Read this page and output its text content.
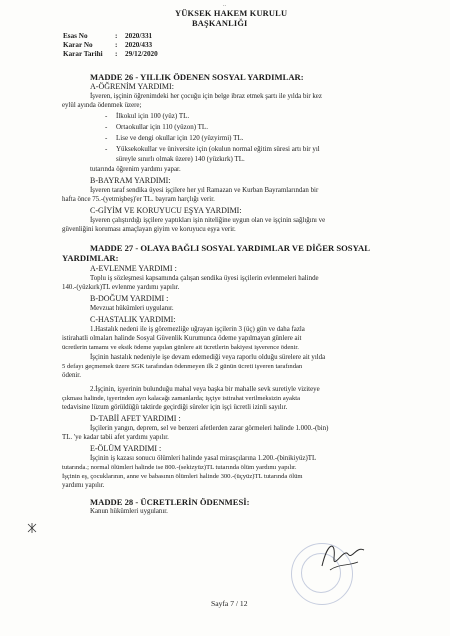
..
YÜKSEK HAKEM KURULU
BAŞKANLIĞI
Esas No	: 2020/331
Karar No	: 2020/433
Karar Tarihi : 29/12/2020
MADDE 26 - YILLIK ÖDENEN SOSYAL YARDIMLAR:
A-ÖĞRENİM YARDIMI:
İşveren, işçinin öğrenimdeki her çocuğu için belge ibraz etmek şartı ile yılda bir kez
eylül ayında ödenmek üzere;
- İlkokul için 100 (yüz) TL.
- Ortaokullar için 110 (yüzon) TL.
- Lise ve dengi okullar için 120 (yüzyirmi) TL.
- Yüksekokullar ve üniversite için (okulun normal eğitim süresi artı bir yıl
süreyle sınırlı olmak üzere) 140 (yüzkırk) TL.
tutarında öğrenim yardımı yapar.
B-BAYRAM YARDIMI:
İşveren taraf sendika üyesi işçilere her yıl Ramazan ve Kurban Bayramlarından bir
hafta önce 75.-(yetmişbeş)'er TL. bayram harçlığı verir.
C-GİYİM VE KORUYUCU EŞYA YARDIMI:
İşveren çalıştırdığı işçilere yaptıkları işin niteliğine uygun olan ve işçinin sağlığını ve
güvenliğini koruması amaçlayan giyim ve koruyucu eşya verir.
MADDE 27 - OLAYA BAĞLI SOSYAL YARDIMLAR VE DİĞER SOSYAL
YARDIMLAR:
A-EVLENME YARDIMI :
Toplu iş sözleşmesi kapsamında çalışan sendika üyesi işçilerin evlenmeleri halinde
140.-(yüzkırk)TL evlenme yardımı yapılır.
B-DOĞUM YARDIMI :
Mevzuat hükümleri uygulanır.
C-HASTALIK YARDIMI:
1.Hastalık nedeni ile iş göremezliğe uğrayan işçilerin 3 (üç) gün ve daha fazla
istirahatli olmaları halinde Sosyal Güvenlik Kurumunca ödeme yapılmayan günlere ait
ücretlerin tamamı ve eksik ödeme yapılan günlere ait ücretlerin bakiyesi işverence ödenir.
İşçinin hastalık nedeniyle işe devam edemediği veya raporlu olduğu sürelere ait yılda
5 defayı geçmemek üzere SGK tarafından ödenmeyen ilk 2 günün ücreti işveren tarafından
ödenir.
2.İşçinin, işyerinin bulunduğu mahal veya başka bir mahalle sevk suretiyle viziteye
çıkması halinde, işyerinden ayrı kalacağı zamanlarda; işçiye istirahat verilmeksizin ayakta
tedavisine lüzum görüldüğü taktirde geçirdiği süreler için işçi ücretli izinli sayılır.
D-TABİİ AFET YARDIMI :
İşçilerin yangın, deprem, sel ve benzeri afetlerden zarar görmeleri halinde 1.000.-(bin)
TL. 'ye kadar tabii afet yardımı yapılır.
E-ÖLÜM YARDIMI :
İşçinin iş kazası sonucu ölümleri halinde yasal mirasçılarına 1.200.-(binikiyüz)TL
tutarında.; normal ölümleri halinde ise 800.-(sekizyüz)TL tutarında ölüm yardımı yapılır.
İşçinin eş, çocuklarının, anne ve babasının ölümleri halinde 300.-(üçyüz)TL tutarında ölüm
yardımı yapılır.
MADDE 28 - ÜCRETLERİN ÖDENMESİ:
Kanun hükümleri uygulanır.
Sayfa 7 / 12
